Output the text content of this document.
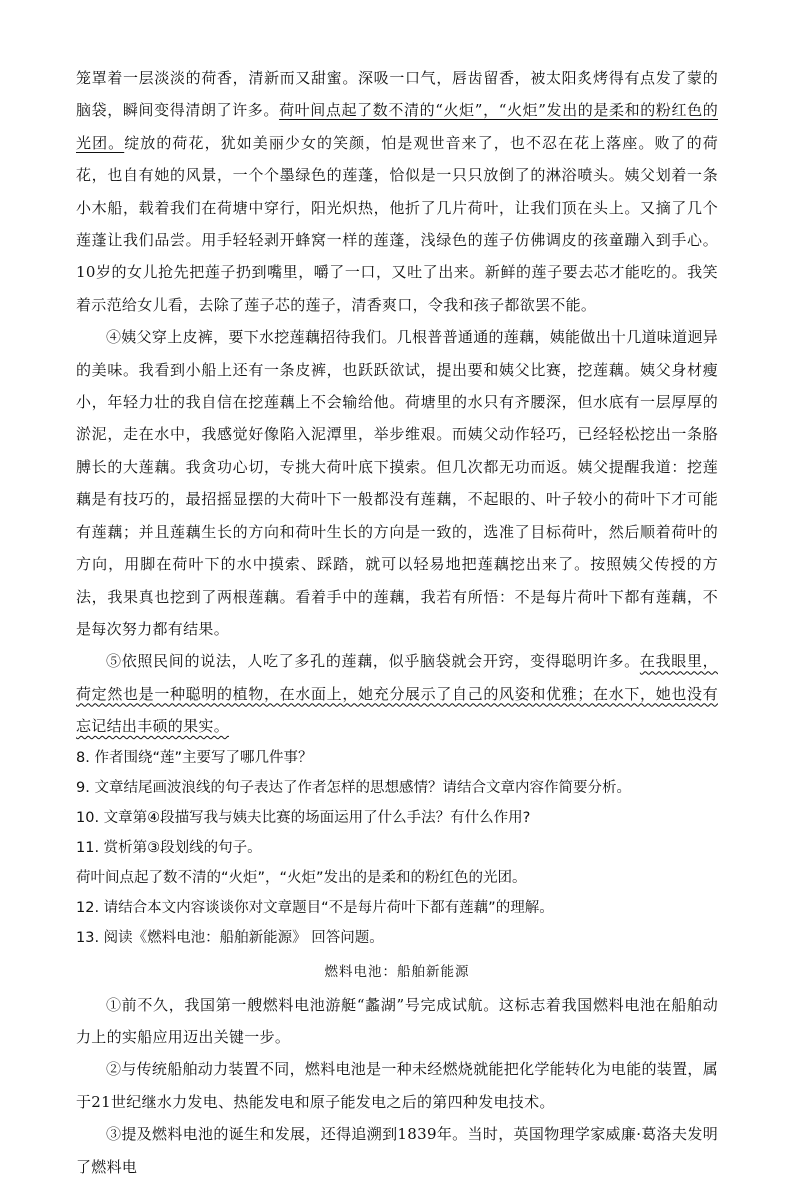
笼罩着一层淡淡的荷香，清新而又甜蜜。深吸一口气，唇齿留香，被太阳炙烤得有点发了蒙的脑袋，瞬间变得清朗了许多。荷叶间点起了数不清的“火炬”，“火炬”发出的是柔和的粉红色的光团。绽放的荷花，犹如美丽少女的笑颜，怕是观世音来了，也不忍在花上落座。败了的荷花，也自有她的风景，一个个墨绿色的莲蓬，恰似是一只只放倒了的淋浴喷头。姨父划着一条小木船，载着我们在荷塘中穿行，阳光炽热，他折了几片荷叶，让我们顶在头上。又摘了几个莲蓬让我们品尝。用手轻轻剥开蜂窝一样的莲蓬，浅绿色的莲子仿佛调皮的孩童蹦入到手心。10岁的女儿抢先把莲子扔到嘴里，嚼了一口，又吐了出来。新鲜的莲子要去芯才能吃的。我笑着示范给女儿看，去除了莲子芯的莲子，清香爽口，令我和孩子都欲罢不能。

④姨父穿上皮裤，要下水挖莲藕招待我们。几根普普通通的莲藕，姨能做出十几道味道迥异的美味。我看到小船上还有一条皮裤，也跃跃欲试，提出要和姨父比赛，挖莲藕。姨父身材瘦小，年轻力壮的我自信在挖莲藕上不会输给他。荷塘里的水只有齐腰深，但水底有一层厚厚的淤泥，走在水中，我感觉好像陷入泥潭里，举步维艰。而姨父动作轻巧，已经轻松挖出一条胳膊长的大莲藕。我贪功心切，专挑大荷叶底下摸索。但几次都无功而返。姨父提醒我道：挖莲藕是有技巧的，最招摇显摆的大荷叶下一般都没有莲藕，不起眼的、叶子较小的荷叶下才可能有莲藕；并且莲藕生长的方向和荷叶生长的方向是一致的，选准了目标荷叶，然后顺着荷叶的方向，用脚在荷叶下的水中摸索、踩踏，就可以轻易地把莲藕挖出来了。按照姨父传授的方法，我果真也挖到了两根莲藕。看着手中的莲藕，我若有所悟：不是每片荷叶下都有莲藕，不是每次努力都有结果。

⑤依照民间的说法，人吃了多孔的莲藕，似乎脑袋就会开窍，变得聪明许多。在我眼里，荷定然也是一种聪明的植物，在水面上，她充分展示了自己的风姿和优雅；在水下，她也没有忘记结出丰硕的果实。

8. 作者围绕“莲”主要写了哪几件事？

9. 文章结尾画波浪线的句子表达了作者怎样的思想感情？请结合文章内容作简要分析。

10. 文章第④段描写我与姨夫比赛的场面运用了什么手法？有什么作用?

11. 赏析第③段划线的句子。

荷叶间点起了数不清的“火炬”，“火炬”发出的是柔和的粉红色的光团。

12. 请结合本文内容谈谈你对文章题目“不是每片荷叶下都有莲藕”的理解。

13. 阅读《燃料电池：船舶新能源》 回答问题。

燃料电池：船舶新能源

①前不久，我国第一艘燃料电池游艇“蠡湖”号完成试航。这标志着我国燃料电池在船舶动力上的实船应用迈出关键一步。

②与传统船舶动力装置不同，燃料电池是一种未经燃烧就能把化学能转化为电能的装置，属于21世纪继水力发电、热能发电和原子能发电之后的第四种发电技术。

③提及燃料电池的诞生和发展，还得追溯到1839年。当时，英国物理学家威廉·葛洛夫发明了燃料电
